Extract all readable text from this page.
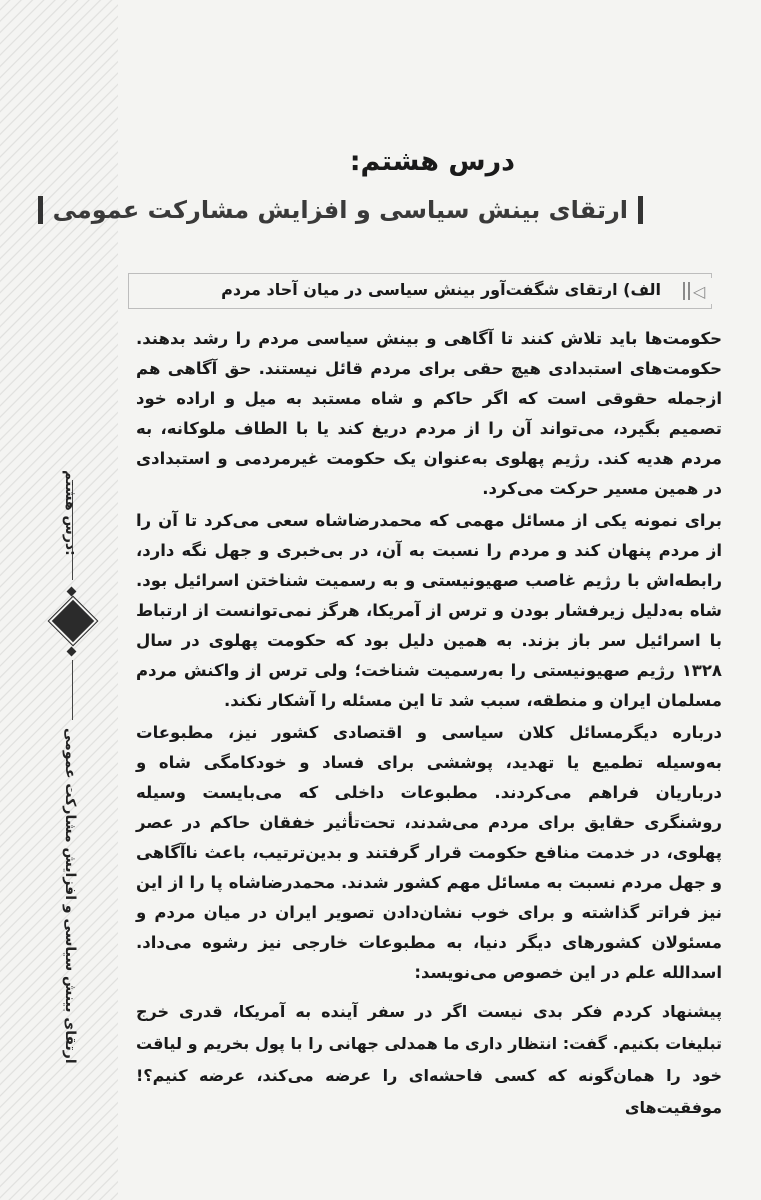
درس هشتم:
ارتقای بینش سیاسی و افزایش مشارکت عمومی
درس هشتم:
ارتقای بینش سیاسی و افزایش مشارکت عمومی
◁
الف) ارتقای شگفت‌آور بینش سیاسی در میان آحاد مردم
حکومت‌ها باید تلاش کنند تا آگاهی و بینش سیاسی مردم را رشد بدهند. حکومت‌های استبدادی هیچ حقی برای مردم قائل نیستند. حق آگاهی هم ازجمله حقوقی است که اگر حاکم و شاه مستبد به میل و اراده خود تصمیم بگیرد، می‌تواند آن را از مردم دریغ کند یا با الطاف ملوکانه، به مردم هدیه کند. رژیم پهلوی به‌عنوان یک حکومت غیرمردمی و استبدادی در همین مسیر حرکت می‌کرد.
برای نمونه یکی از مسائل مهمی که محمدرضاشاه سعی می‌کرد تا آن را از مردم پنهان کند و مردم را نسبت به آن، در بی‌خبری و جهل نگه دارد، رابطه‌اش با رژیم غاصب صهیونیستی و به رسمیت شناختن اسرائیل بود. شاه به‌دلیل زیرفشار بودن و ترس از آمریکا، هرگز نمی‌توانست از ارتباط با اسرائیل سر باز بزند. به همین دلیل بود که حکومت پهلوی در سال ۱۳۲۸ رژیم صهیونیستی را به‌رسمیت شناخت؛ ولی ترس از واکنش مردم مسلمان ایران و منطقه، سبب شد تا این مسئله را آشکار نکند.
درباره دیگرمسائل کلان سیاسی و اقتصادی کشور نیز، مطبوعات به‌وسیله تطمیع یا تهدید، پوششی برای فساد و خودکامگی شاه و درباریان فراهم می‌کردند. مطبوعات داخلی که می‌بایست وسیله روشنگری حقایق برای مردم می‌شدند، تحت‌تأثیر خفقان حاکم در عصر پهلوی، در خدمت منافع حکومت قرار گرفتند و بدین‌ترتیب، باعث ناآگاهی و جهل مردم نسبت به مسائل مهم کشور شدند. محمدرضاشاه پا را از این نیز فراتر گذاشته و برای خوب نشان‌دادن تصویر ایران در میان مردم و مسئولان کشورهای دیگر دنیا، به مطبوعات خارجی نیز رشوه می‌داد. اسدالله علم در این خصوص می‌نویسد:
پیشنهاد کردم فکر بدی نیست اگر در سفر آینده به آمریکا، قدری خرج تبلیغات بکنیم. گفت: انتظار داری ما همدلی جهانی را با پول بخریم و لیاقت خود را همان‌گونه که کسی فاحشه‌ای را عرضه می‌کند، عرضه کنیم؟! موفقیت‌های
